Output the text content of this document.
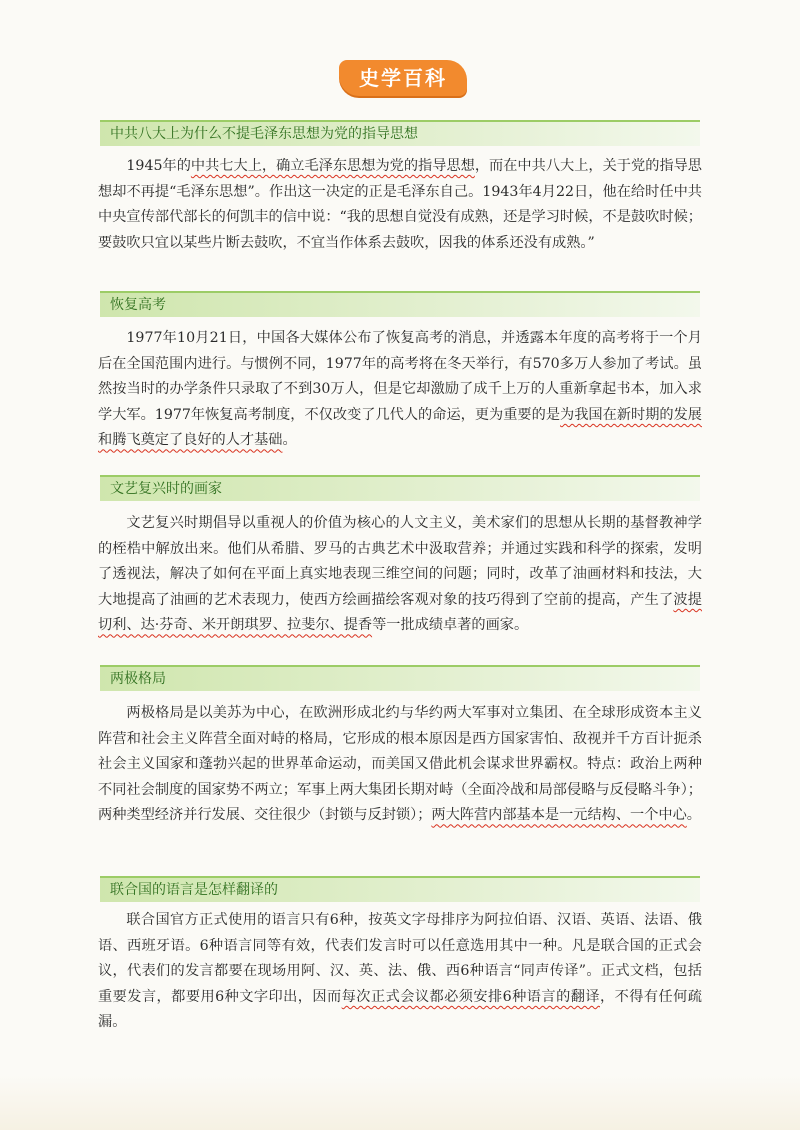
史学百科
中共八大上为什么不提毛泽东思想为党的指导思想

1945年的中共七大上，确立毛泽东思想为党的指导思想，而在中共八大上，关于党的指导思想却不再提“毛泽东思想”。作出这一决定的正是毛泽东自己。1943年4月22日，他在给时任中共中央宣传部代部长的何凯丰的信中说：“我的思想自觉没有成熟，还是学习时候，不是鼓吹时候；要鼓吹只宜以某些片断去鼓吹，不宜当作体系去鼓吹，因我的体系还没有成熟。”

恢复高考

1977年10月21日，中国各大媒体公布了恢复高考的消息，并透露本年度的高考将于一个月后在全国范围内进行。与惯例不同，1977年的高考将在冬天举行，有570多万人参加了考试。虽然按当时的办学条件只录取了不到30万人，但是它却激励了成千上万的人重新拿起书本，加入求学大军。1977年恢复高考制度，不仅改变了几代人的命运，更为重要的是为我国在新时期的发展和腾飞奠定了良好的人才基础。

文艺复兴时的画家

文艺复兴时期倡导以重视人的价值为核心的人文主义，美术家们的思想从长期的基督教神学的桎梏中解放出来。他们从希腊、罗马的古典艺术中汲取营养；并通过实践和科学的探索，发明了透视法，解决了如何在平面上真实地表现三维空间的问题；同时，改革了油画材料和技法，大大地提高了油画的艺术表现力，使西方绘画描绘客观对象的技巧得到了空前的提高，产生了波提切利、达·芬奇、米开朗琪罗、拉斐尔、提香等一批成绩卓著的画家。

两极格局

两极格局是以美苏为中心，在欧洲形成北约与华约两大军事对立集团、在全球形成资本主义阵营和社会主义阵营全面对峙的格局，它形成的根本原因是西方国家害怕、敌视并千方百计扼杀社会主义国家和蓬勃兴起的世界革命运动，而美国又借此机会谋求世界霸权。特点：政治上两种不同社会制度的国家势不两立；军事上两大集团长期对峙（全面冷战和局部侵略与反侵略斗争）；两种类型经济并行发展、交往很少（封锁与反封锁）；两大阵营内部基本是一元结构、一个中心。

联合国的语言是怎样翻译的

联合国官方正式使用的语言只有6种，按英文字母排序为阿拉伯语、汉语、英语、法语、俄语、西班牙语。6种语言同等有效，代表们发言时可以任意选用其中一种。凡是联合国的正式会议，代表们的发言都要在现场用阿、汉、英、法、俄、西6种语言“同声传译”。正式文档，包括重要发言，都要用6种文字印出，因而每次正式会议都必须安排6种语言的翻译，不得有任何疏漏。
